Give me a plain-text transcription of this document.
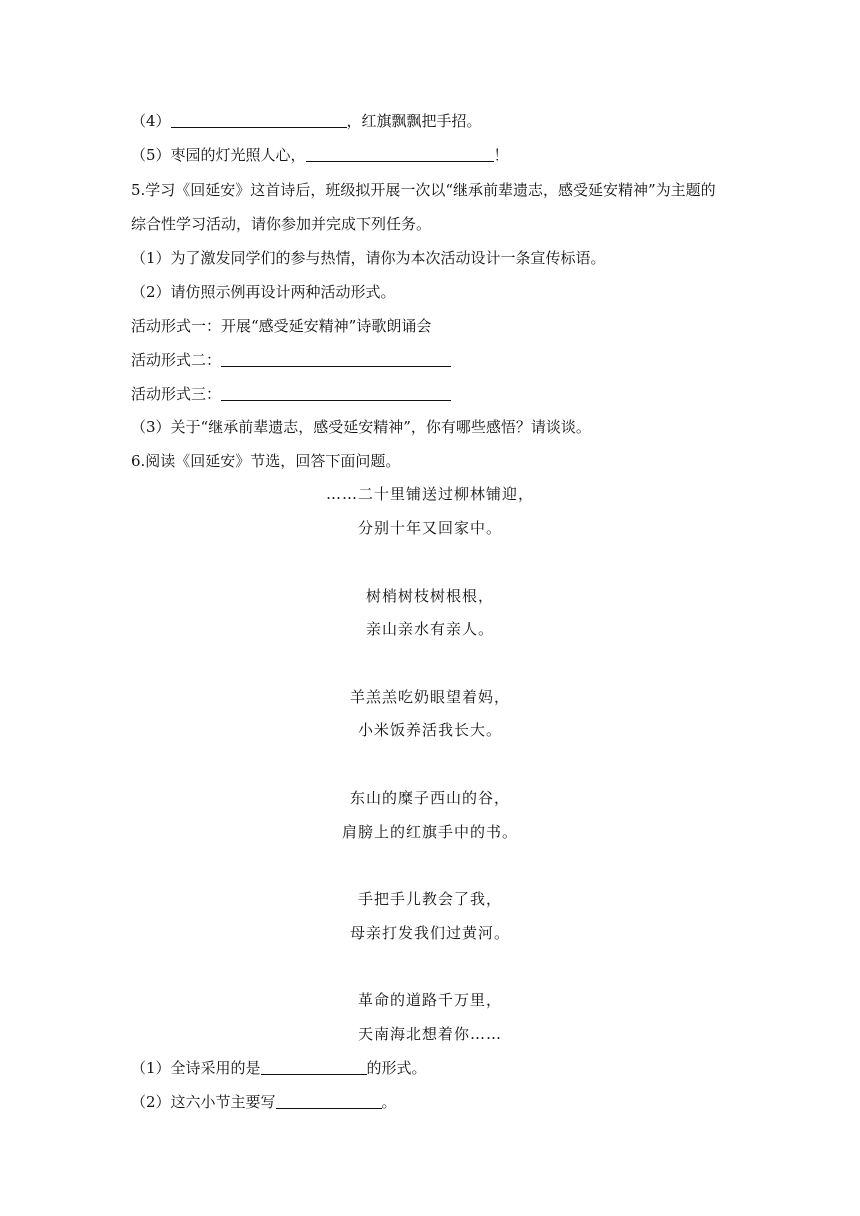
（4）	，红旗飘飘把手招。
（5）枣园的灯光照人心，	！
5.学习《回延安》这首诗后，班级拟开展一次以“继承前辈遗志，感受延安精神”为主题的
综合性学习活动，请你参加并完成下列任务。
（1）为了激发同学们的参与热情，请你为本次活动设计一条宣传标语。
（2）请仿照示例再设计两种活动形式。
活动形式一：开展“感受延安精神”诗歌朗诵会
活动形式二：
活动形式三：
（3）关于“继承前辈遗志，感受延安精神”，你有哪些感悟？请谈谈。
6.阅读《回延安》节选，回答下面问题。
……二十里铺送过柳林铺迎，
分别十年又回家中。
树梢树枝树根根，
亲山亲水有亲人。
羊羔羔吃奶眼望着妈，
小米饭养活我长大。
东山的糜子西山的谷，
肩膀上的红旗手中的书。
手把手儿教会了我，
母亲打发我们过黄河。
革命的道路千万里，
天南海北想着你……
（1）全诗采用的是	的形式。
（2）这六小节主要写	。
